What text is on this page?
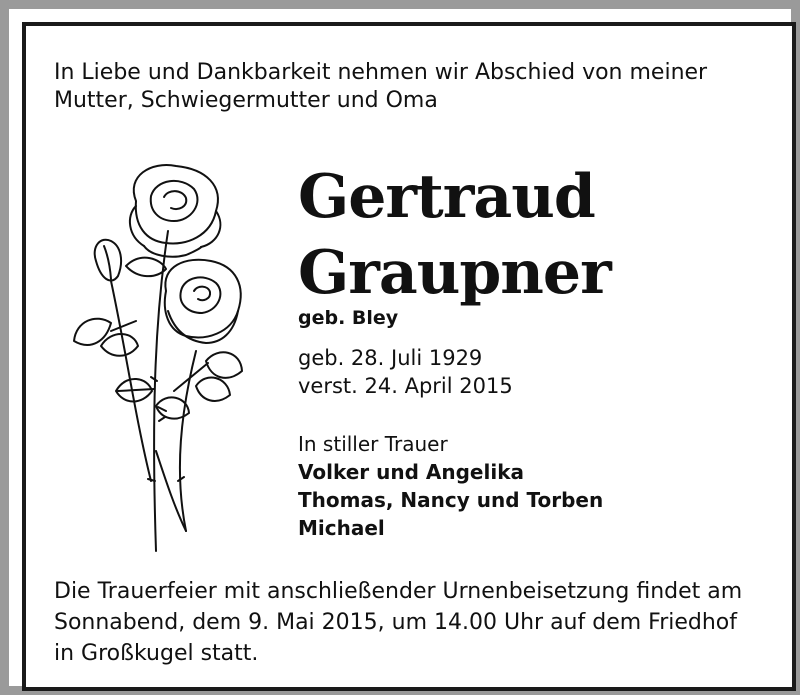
In Liebe und Dankbarkeit nehmen wir Abschied von meiner
Mutter, Schwiegermutter und Oma
Gertraud
Graupner
geb. Bley
geb. 28. Juli 1929
verst. 24. April 2015
In stiller Trauer
Volker und Angelika
Thomas, Nancy und Torben
Michael
Die Trauerfeier mit anschließender Urnenbeisetzung findet am
Sonnabend, dem 9. Mai 2015, um 14.00 Uhr auf dem Friedhof
in Großkugel statt.
